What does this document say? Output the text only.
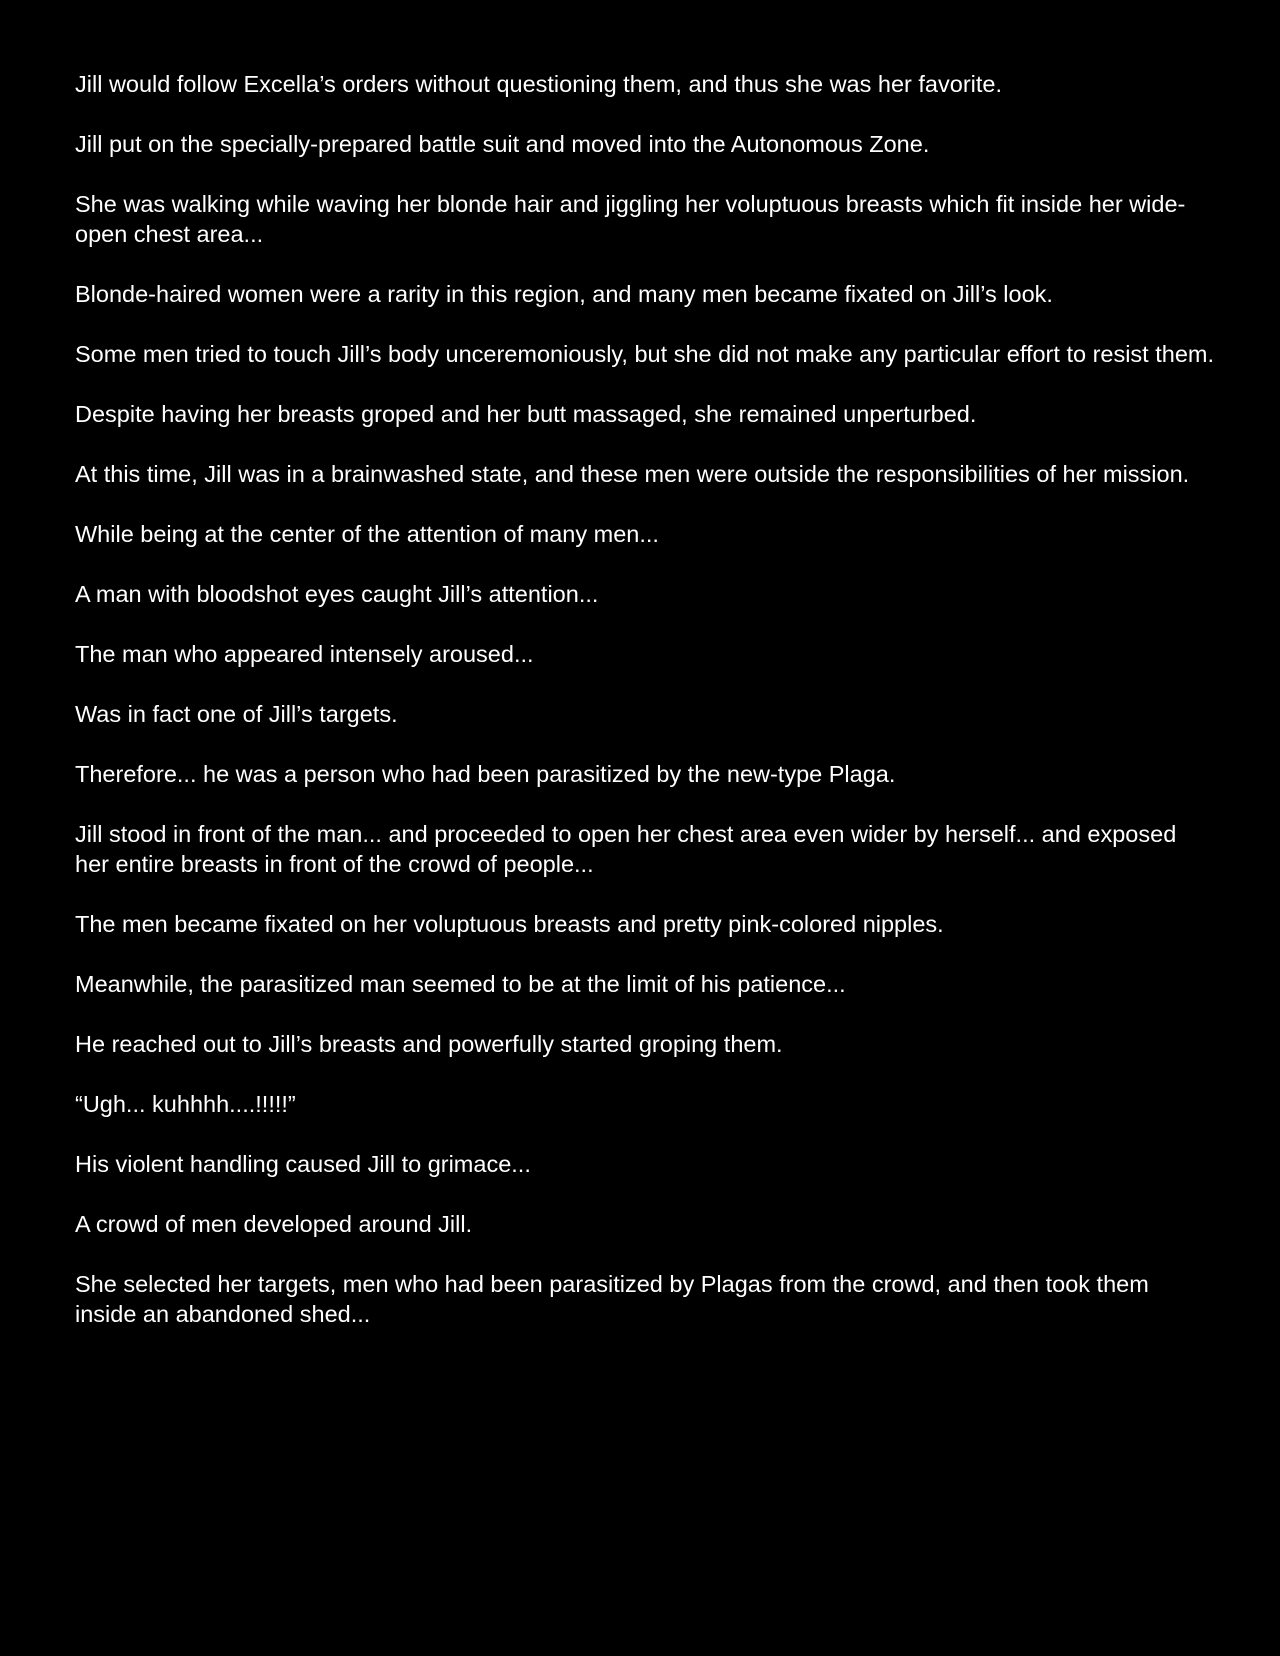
Jill would follow Excella’s orders without questioning them, and thus she was her favorite.

Jill put on the specially-prepared battle suit and moved into the Autonomous Zone.

She was walking while waving her blonde hair and jiggling her voluptuous breasts which fit inside her wide-open chest area...

Blonde-haired women were a rarity in this region, and many men became fixated on Jill’s look.

Some men tried to touch Jill’s body unceremoniously, but she did not make any particular effort to resist them.

Despite having her breasts groped and her butt massaged, she remained unperturbed.

At this time, Jill was in a brainwashed state, and these men were outside the responsibilities of her mission.

While being at the center of the attention of many men...

A man with bloodshot eyes caught Jill’s attention...

The man who appeared intensely aroused...

Was in fact one of Jill’s targets.

Therefore... he was a person who had been parasitized by the new-type Plaga.

Jill stood in front of the man... and proceeded to open her chest area even wider by herself... and exposed her entire breasts in front of the crowd of people...

The men became fixated on her voluptuous breasts and pretty pink-colored nipples.

Meanwhile, the parasitized man seemed to be at the limit of his patience...

He reached out to Jill’s breasts and powerfully started groping them.

“Ugh... kuhhhh....!!!!!”

His violent handling caused Jill to grimace...

A crowd of men developed around Jill.

She selected her targets, men who had been parasitized by Plagas from the crowd, and then took them inside an abandoned shed...
